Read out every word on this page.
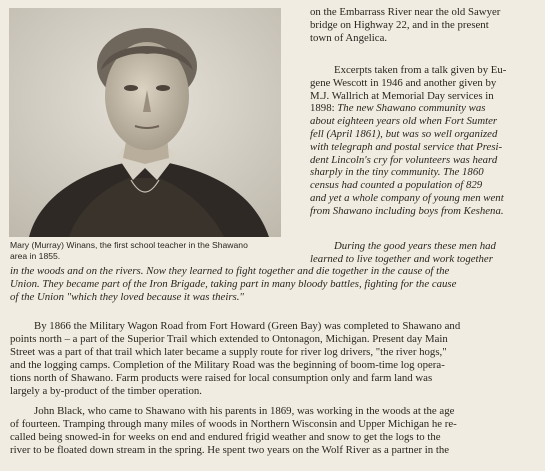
Mary (Murray) Winans, the first school teacher in the Shawano
area in 1855.
on the Embarrass River near the old Sawyer
bridge on Highway 22, and in the present
town of Angelica.
Excerpts taken from a talk given by Eu-
gene Wescott in 1946 and another given by
M.J. Wallrich at Memorial Day services in
1898: The new Shawano community was
about eighteen years old when Fort Sumter
fell (April 1861), but was so well organized
with telegraph and postal service that Presi-
dent Lincoln's cry for volunteers was heard
sharply in the tiny community. The 1860
census had counted a population of 829
and yet a whole company of young men went
from Shawano including boys from Keshena.
During the good years these men had
learned to live together and work together
in the woods and on the rivers. Now they learned to fight together and die together in the cause of the
Union. They became part of the Iron Brigade, taking part in many bloody battles, fighting for the cause
of the Union "which they loved because it was theirs."
By 1866 the Military Wagon Road from Fort Howard (Green Bay) was completed to Shawano and
points north – a part of the Superior Trail which extended to Ontonagon, Michigan. Present day Main
Street was a part of that trail which later became a supply route for river log drivers, "the river hogs,"
and the logging camps. Completion of the Military Road was the beginning of boom-time log opera-
tions north of Shawano. Farm products were raised for local consumption only and farm land was
largely a by-product of the timber operation.
John Black, who came to Shawano with his parents in 1869, was working in the woods at the age
of fourteen. Tramping through many miles of woods in Northern Wisconsin and Upper Michigan he re-
called being snowed-in for weeks on end and endured frigid weather and snow to get the logs to the
river to be floated down stream in the spring. He spent two years on the Wolf River as a partner in the
